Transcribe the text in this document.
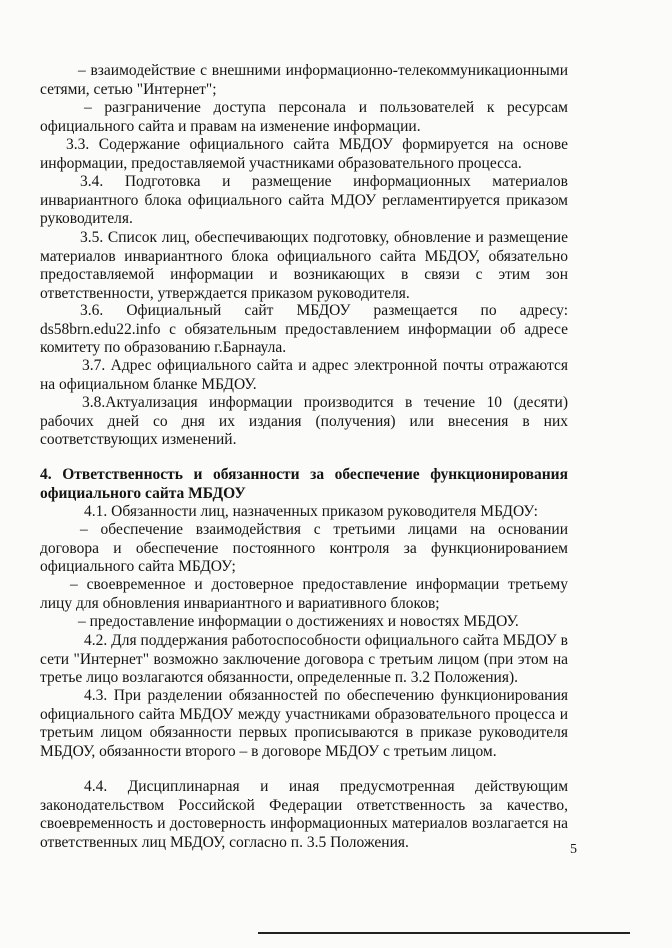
– взаимодействие с внешними информационно-телекоммуникационными сетями, сетью "Интернет";

– разграничение доступа персонала и пользователей к ресурсам официального сайта и правам на изменение информации.

3.3. Содержание официального сайта МБДОУ формируется на основе информации, предоставляемой участниками образовательного процесса.

3.4. Подготовка и размещение информационных материалов инвариантного блока официального сайта МДОУ регламентируется приказом руководителя.

3.5. Список лиц, обеспечивающих подготовку, обновление и размещение материалов инвариантного блока официального сайта МБДОУ, обязательно предоставляемой информации и возникающих в связи с этим зон ответственности, утверждается приказом руководителя.

3.6. Официальный сайт МБДОУ размещается по адресу: ds58brn.edu22.info с обязательным предоставлением информации об адресе комитету по образованию г.Барнаула.

3.7. Адрес официального сайта и адрес электронной почты отражаются на официальном бланке МБДОУ.

3.8.Актуализация информации производится в течение 10 (десяти) рабочих дней со дня их издания (получения) или внесения в них соответствующих изменений.

4. Ответственность и обязанности за обеспечение функционирования официального сайта МБДОУ

4.1. Обязанности лиц, назначенных приказом руководителя МБДОУ:

– обеспечение взаимодействия с третьими лицами на основании договора и обеспечение постоянного контроля за функционированием официального сайта МБДОУ;

– своевременное и достоверное предоставление информации третьему лицу для обновления инвариантного и вариативного блоков;

– предоставление информации о достижениях и новостях МБДОУ.

4.2. Для поддержания работоспособности официального сайта МБДОУ в сети "Интернет" возможно заключение договора с третьим лицом (при этом на третье лицо возлагаются обязанности, определенные п. 3.2 Положения).

4.3. При разделении обязанностей по обеспечению функционирования официального сайта МБДОУ между участниками образовательного процесса и третьим лицом обязанности первых прописываются в приказе руководителя МБДОУ, обязанности второго – в договоре МБДОУ с третьим лицом.

4.4. Дисциплинарная и иная предусмотренная действующим законодательством Российской Федерации ответственность за качество, своевременность и достоверность информационных материалов возлагается на ответственных лиц МБДОУ, согласно п. 3.5 Положения.	5
